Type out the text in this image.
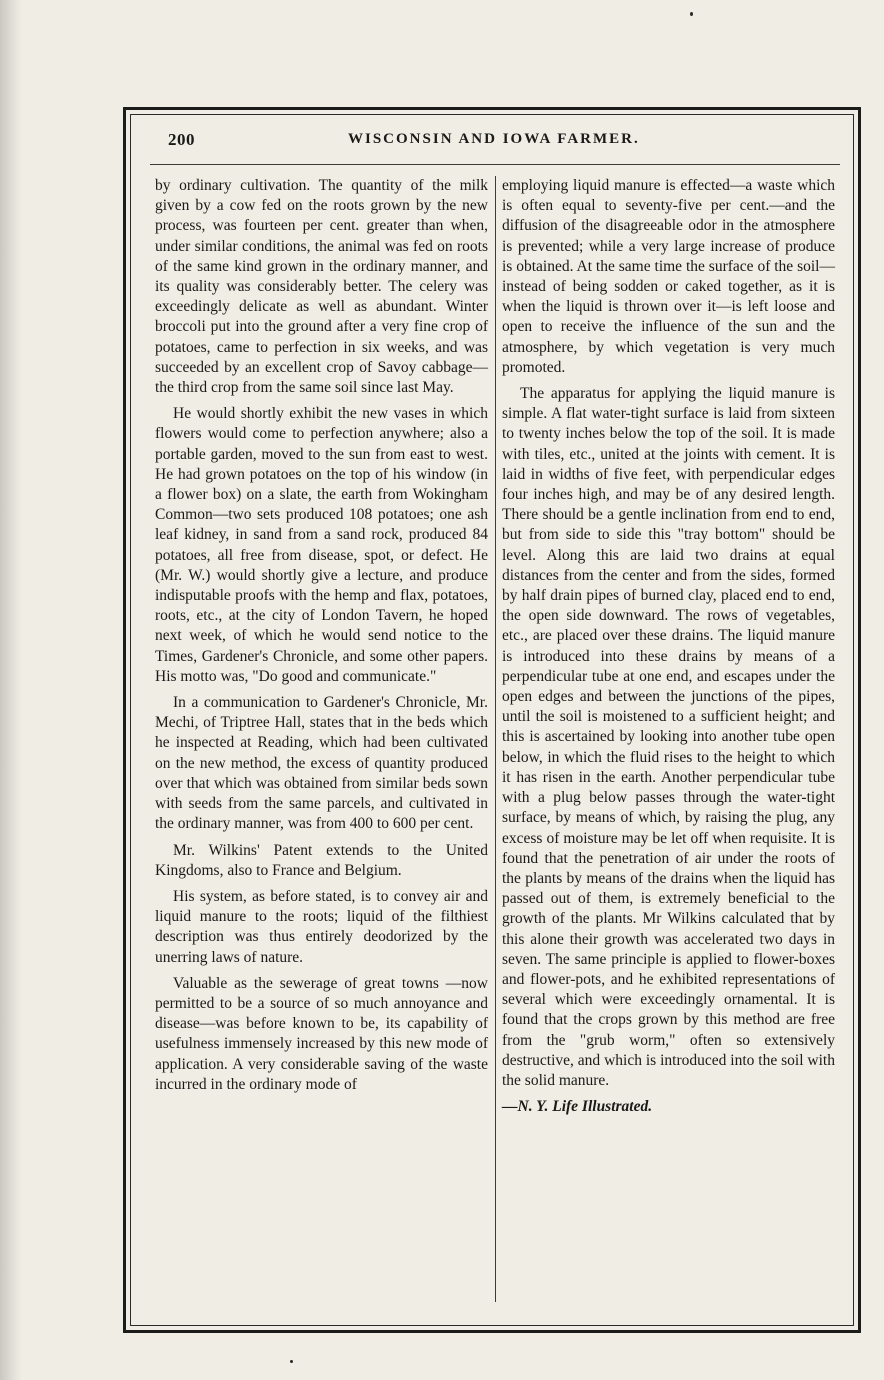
200	WISCONSIN AND IOWA FARMER.

by ordinary cultivation. The quantity of the milk given by a cow fed on the roots grown by the new process, was fourteen per cent. greater than when, under similar conditions, the animal was fed on roots of the same kind grown in the ordinary manner, and its quality was considerably better. The celery was exceedingly delicate as well as abundant. Winter broccoli put into the ground after a very fine crop of potatoes, came to perfection in six weeks, and was succeeded by an excellent crop of Savoy cabbage—the third crop from the same soil since last May.

He would shortly exhibit the new vases in which flowers would come to perfection anywhere; also a portable garden, moved to the sun from east to west. He had grown potatoes on the top of his window (in a flower box) on a slate, the earth from Wokingham Common—two sets produced 108 potatoes; one ash leaf kidney, in sand from a sand rock, produced 84 potatoes, all free from disease, spot, or defect. He (Mr. W.) would shortly give a lecture, and produce indisputable proofs with the hemp and flax, potatoes, roots, etc., at the city of London Tavern, he hoped next week, of which he would send notice to the Times, Gardener's Chronicle, and some other papers. His motto was, "Do good and communicate."

In a communication to Gardener's Chronicle, Mr. Mechi, of Triptree Hall, states that in the beds which he inspected at Reading, which had been cultivated on the new method, the excess of quantity produced over that which was obtained from similar beds sown with seeds from the same parcels, and cultivated in the ordinary manner, was from 400 to 600 per cent.

Mr. Wilkins' Patent extends to the United Kingdoms, also to France and Belgium.

His system, as before stated, is to convey air and liquid manure to the roots; liquid of the filthiest description was thus entirely deodorized by the unerring laws of nature.

Valuable as the sewerage of great towns —now permitted to be a source of so much annoyance and disease—was before known to be, its capability of usefulness immensely increased by this new mode of application. A very considerable saving of the waste incurred in the ordinary mode of

employing liquid manure is effected—a waste which is often equal to seventy-five per cent.—and the diffusion of the disagreeable odor in the atmosphere is prevented; while a very large increase of produce is obtained. At the same time the surface of the soil—instead of being sodden or caked together, as it is when the liquid is thrown over it—is left loose and open to receive the influence of the sun and the atmosphere, by which vegetation is very much promoted.

The apparatus for applying the liquid manure is simple. A flat water-tight surface is laid from sixteen to twenty inches below the top of the soil. It is made with tiles, etc., united at the joints with cement. It is laid in widths of five feet, with perpendicular edges four inches high, and may be of any desired length. There should be a gentle inclination from end to end, but from side to side this "tray bottom" should be level. Along this are laid two drains at equal distances from the center and from the sides, formed by half drain pipes of burned clay, placed end to end, the open side downward. The rows of vegetables, etc., are placed over these drains. The liquid manure is introduced into these drains by means of a perpendicular tube at one end, and escapes under the open edges and between the junctions of the pipes, until the soil is moistened to a sufficient height; and this is ascertained by looking into another tube open below, in which the fluid rises to the height to which it has risen in the earth. Another perpendicular tube with a plug below passes through the water-tight surface, by means of which, by raising the plug, any excess of moisture may be let off when requisite. It is found that the penetration of air under the roots of the plants by means of the drains when the liquid has passed out of them, is extremely beneficial to the growth of the plants. Mr Wilkins calculated that by this alone their growth was accelerated two days in seven. The same principle is applied to flower-boxes and flower-pots, and he exhibited representations of several which were exceedingly ornamental. It is found that the crops grown by this method are free from the "grub worm," often so extensively destructive, and which is introduced into the soil with the solid manure.

—N. Y. Life Illustrated.
